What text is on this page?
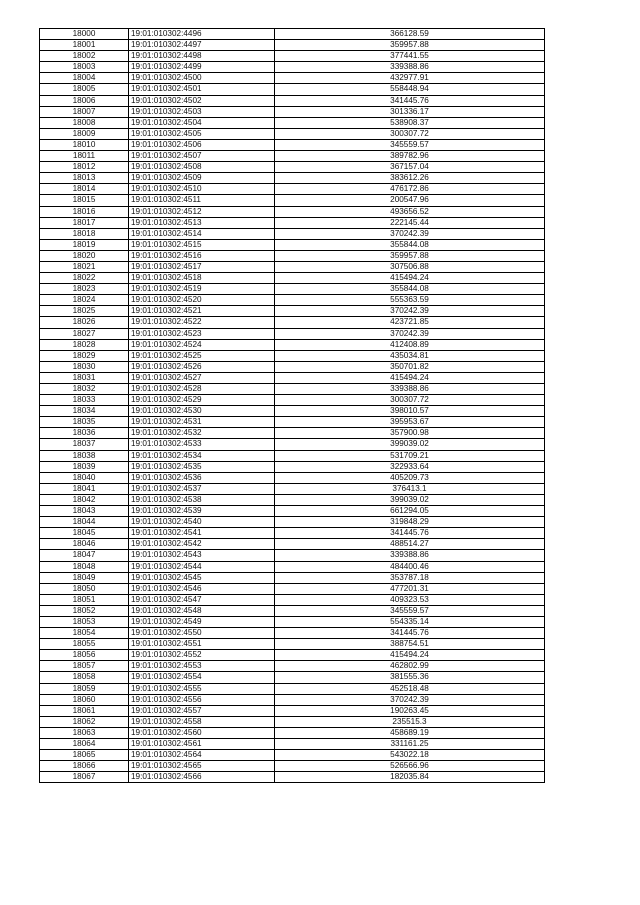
18000	19:01:010302:4496	366128.59
18001	19:01:010302:4497	359957.88
18002	19:01:010302:4498	377441.55
18003	19:01:010302:4499	339388.86
18004	19:01:010302:4500	432977.91
18005	19:01:010302:4501	558448.94
18006	19:01:010302:4502	341445.76
18007	19:01:010302:4503	301336.17
18008	19:01:010302:4504	538908.37
18009	19:01:010302:4505	300307.72
18010	19:01:010302:4506	345559.57
18011	19:01:010302:4507	389782.96
18012	19:01:010302:4508	367157.04
18013	19:01:010302:4509	383612.26
18014	19:01:010302:4510	476172.86
18015	19:01:010302:4511	200547.96
18016	19:01:010302:4512	493656.52
18017	19:01:010302:4513	222145.44
18018	19:01:010302:4514	370242.39
18019	19:01:010302:4515	355844.08
18020	19:01:010302:4516	359957.88
18021	19:01:010302:4517	307506.88
18022	19:01:010302:4518	415494.24
18023	19:01:010302:4519	355844.08
18024	19:01:010302:4520	555363.59
18025	19:01:010302:4521	370242.39
18026	19:01:010302:4522	423721.85
18027	19:01:010302:4523	370242.39
18028	19:01:010302:4524	412408.89
18029	19:01:010302:4525	435034.81
18030	19:01:010302:4526	350701.82
18031	19:01:010302:4527	415494.24
18032	19:01:010302:4528	339388.86
18033	19:01:010302:4529	300307.72
18034	19:01:010302:4530	398010.57
18035	19:01:010302:4531	395953.67
18036	19:01:010302:4532	357900.98
18037	19:01:010302:4533	399039.02
18038	19:01:010302:4534	531709.21
18039	19:01:010302:4535	322933.64
18040	19:01:010302:4536	405209.73
18041	19:01:010302:4537	376413.1
18042	19:01:010302:4538	399039.02
18043	19:01:010302:4539	661294.05
18044	19:01:010302:4540	319848.29
18045	19:01:010302:4541	341445.76
18046	19:01:010302:4542	488514.27
18047	19:01:010302:4543	339388.86
18048	19:01:010302:4544	484400.46
18049	19:01:010302:4545	353787.18
18050	19:01:010302:4546	477201.31
18051	19:01:010302:4547	409323.53
18052	19:01:010302:4548	345559.57
18053	19:01:010302:4549	554335.14
18054	19:01:010302:4550	341445.76
18055	19:01:010302:4551	388754.51
18056	19:01:010302:4552	415494.24
18057	19:01:010302:4553	462802.99
18058	19:01:010302:4554	381555.36
18059	19:01:010302:4555	452518.48
18060	19:01:010302:4556	370242.39
18061	19:01:010302:4557	190263.45
18062	19:01:010302:4558	235515.3
18063	19:01:010302:4560	458689.19
18064	19:01:010302:4561	331161.25
18065	19:01:010302:4564	543022.18
18066	19:01:010302:4565	526566.96
18067	19:01:010302:4566	182035.84
